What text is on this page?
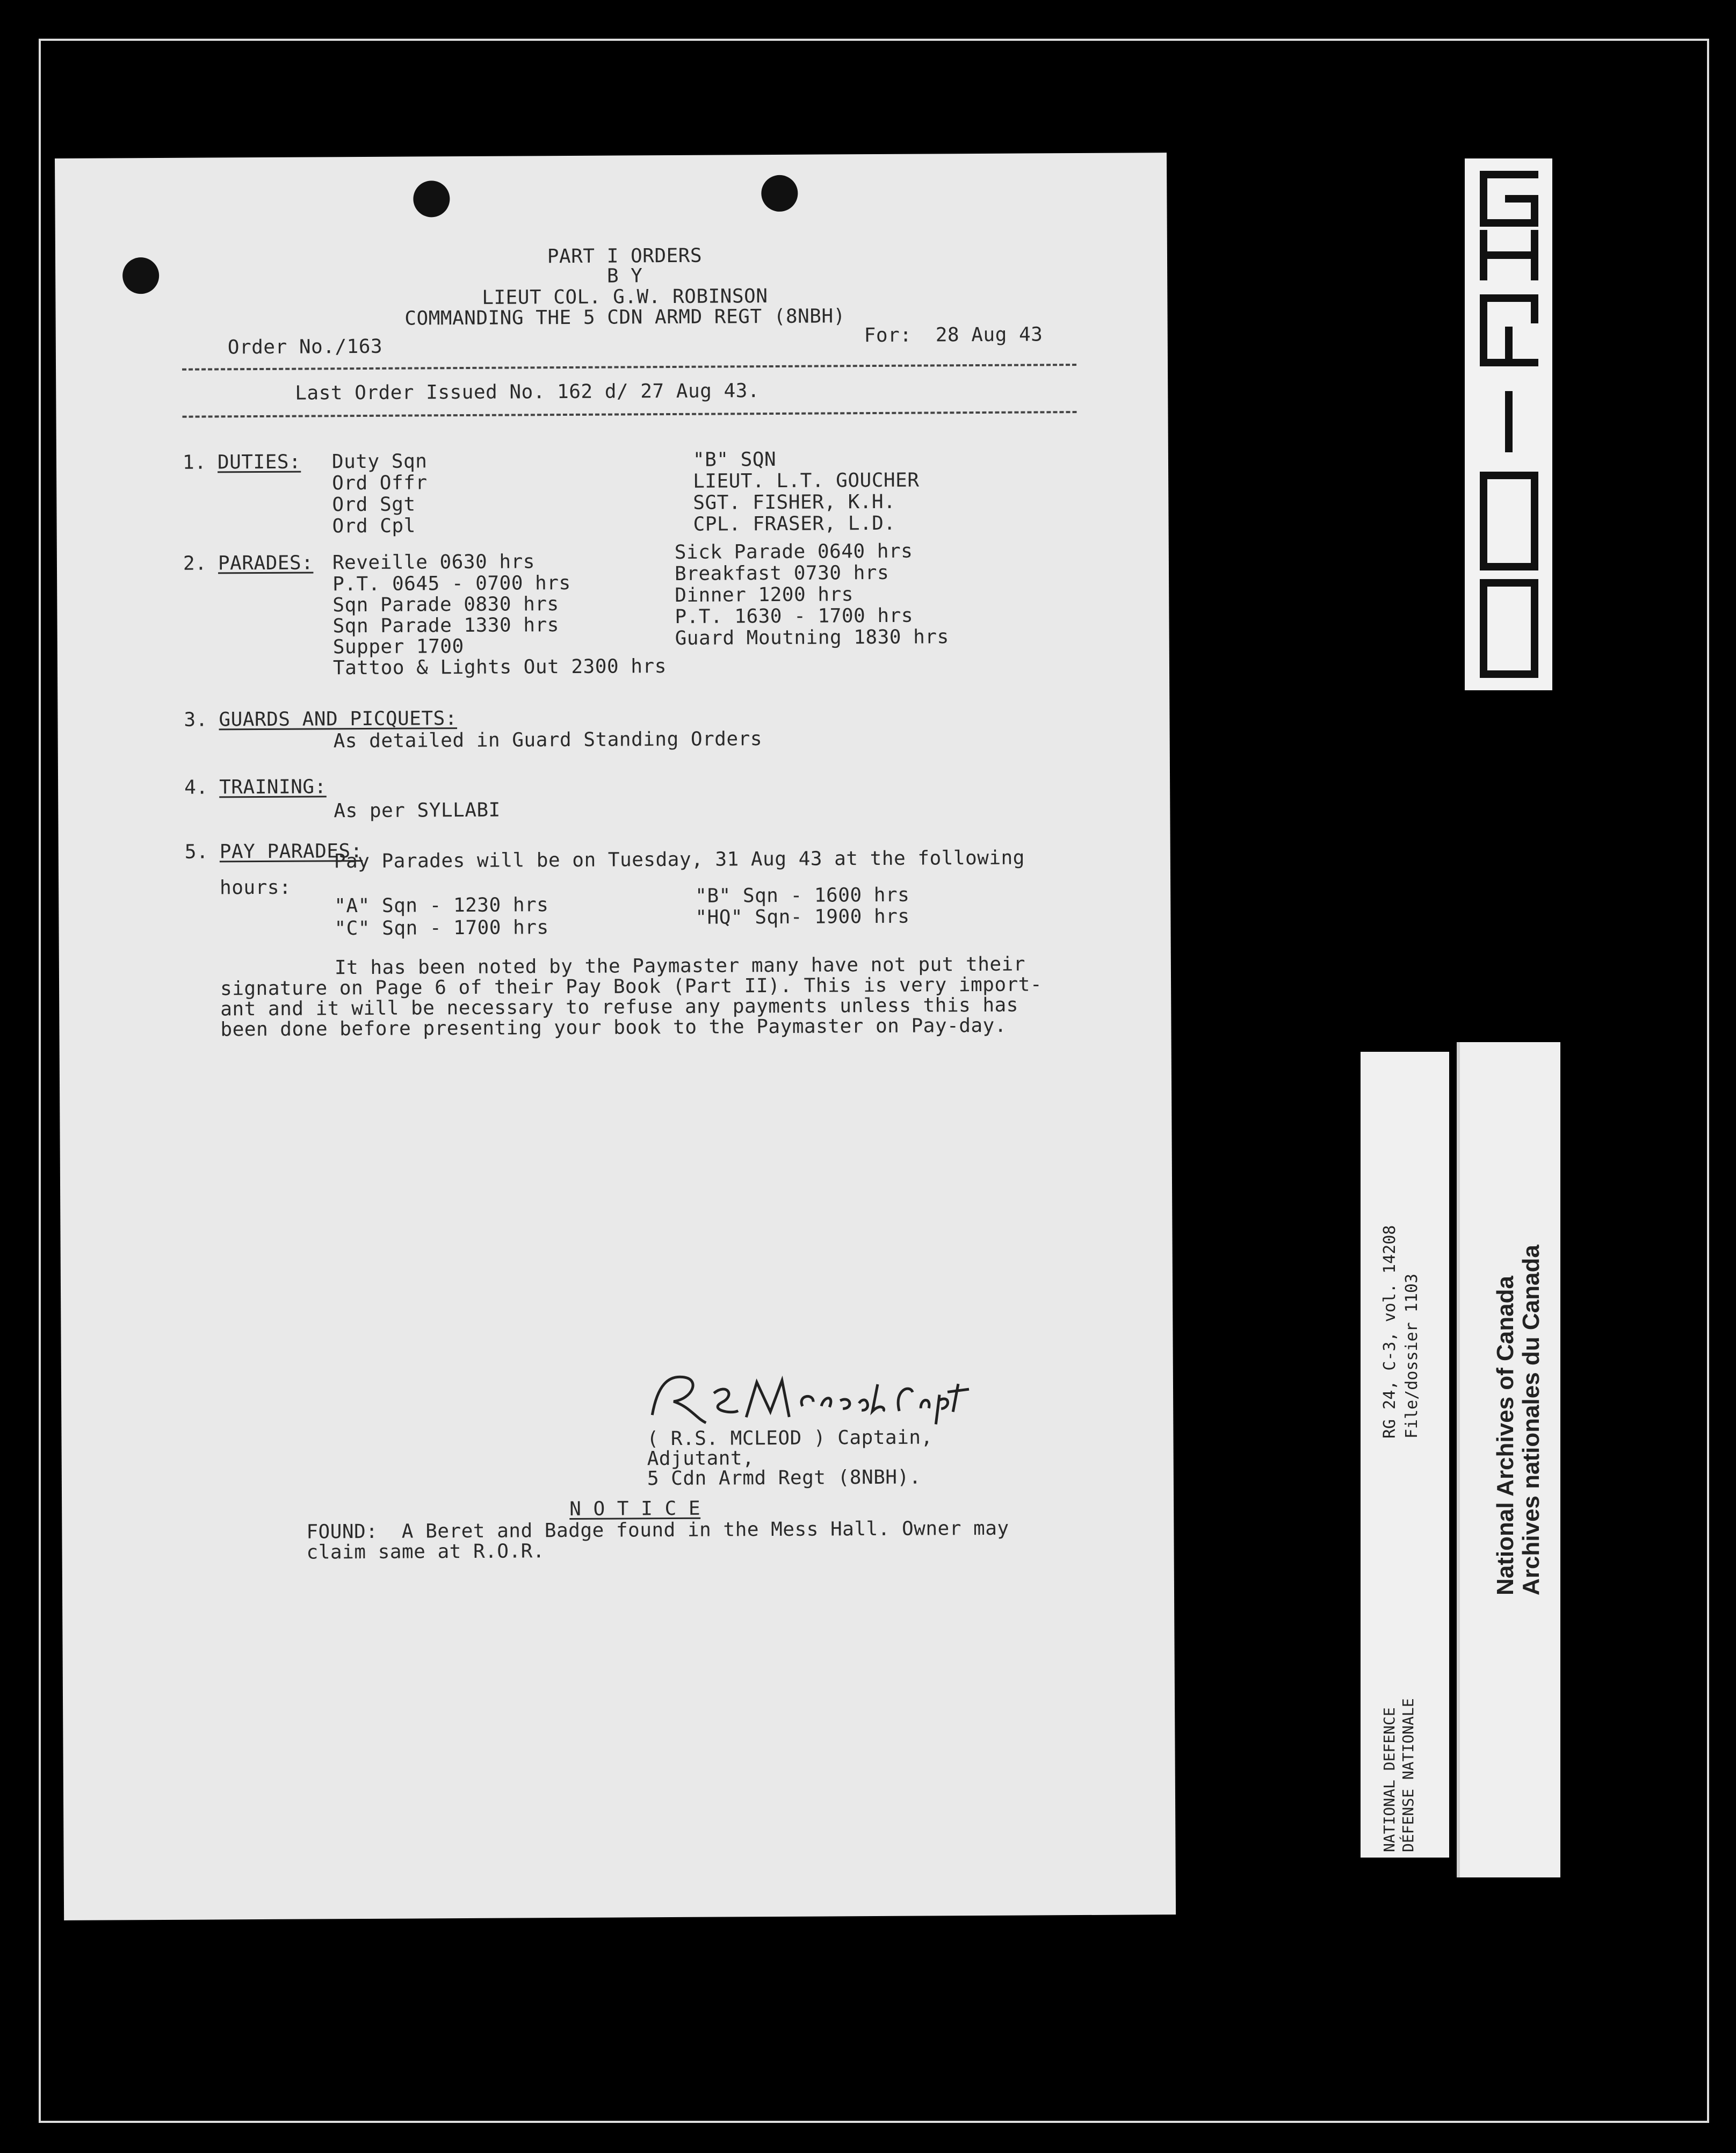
PART I ORDERS
B Y
LIEUT COL. G.W. ROBINSON
COMMANDING THE 5 CDN ARMD REGT (8NBH)
Order No./163
For:  28 Aug 43
Last Order Issued No. 162 d/ 27 Aug 43.
1. DUTIES: Duty Sqn
Ord Offr
Ord Sgt
Ord Cpl
"B" SQN
LIEUT. L.T. GOUCHER
SGT. FISHER, K.H.
CPL. FRASER, L.D.
2. PARADES: Reveille 0630 hrs
P.T. 0645 - 0700 hrs
Sqn Parade 0830 hrs
Sqn Parade 1330 hrs
Supper 1700
Tattoo & Lights Out 2300 hrs
Sick Parade 0640 hrs
Breakfast 0730 hrs
Dinner 1200 hrs
P.T. 1630 - 1700 hrs
Guard Moutning 1830 hrs
3. GUARDS AND PICQUETS:
As detailed in Guard Standing Orders
4. TRAINING:
As per SYLLABI
5. PAY PARADES:
Pay Parades will be on Tuesday, 31 Aug 43 at the following
hours:
"A" Sqn - 1230 hrs	"B" Sqn - 1600 hrs
"C" Sqn - 1700 hrs	"HQ" Sqn- 1900 hrs
It has been noted by the Paymaster many have not put their
signature on Page 6 of their Pay Book (Part II). This is very import-
ant and it will be necessary to refuse any payments unless this has
been done before presenting your book to the Paymaster on Pay-day.
( R.S. MCLEOD ) Captain,
Adjutant,
5 Cdn Armd Regt (8NBH).
N O T I C E
FOUND:  A Beret and Badge found in the Mess Hall. Owner may
claim same at R.O.R.
RG 24, C-3, vol. 14208 File/dossier 1103
NATIONAL DEFENCE DÉFENSE NATIONALE
National Archives of Canada Archives nationales du Canada
